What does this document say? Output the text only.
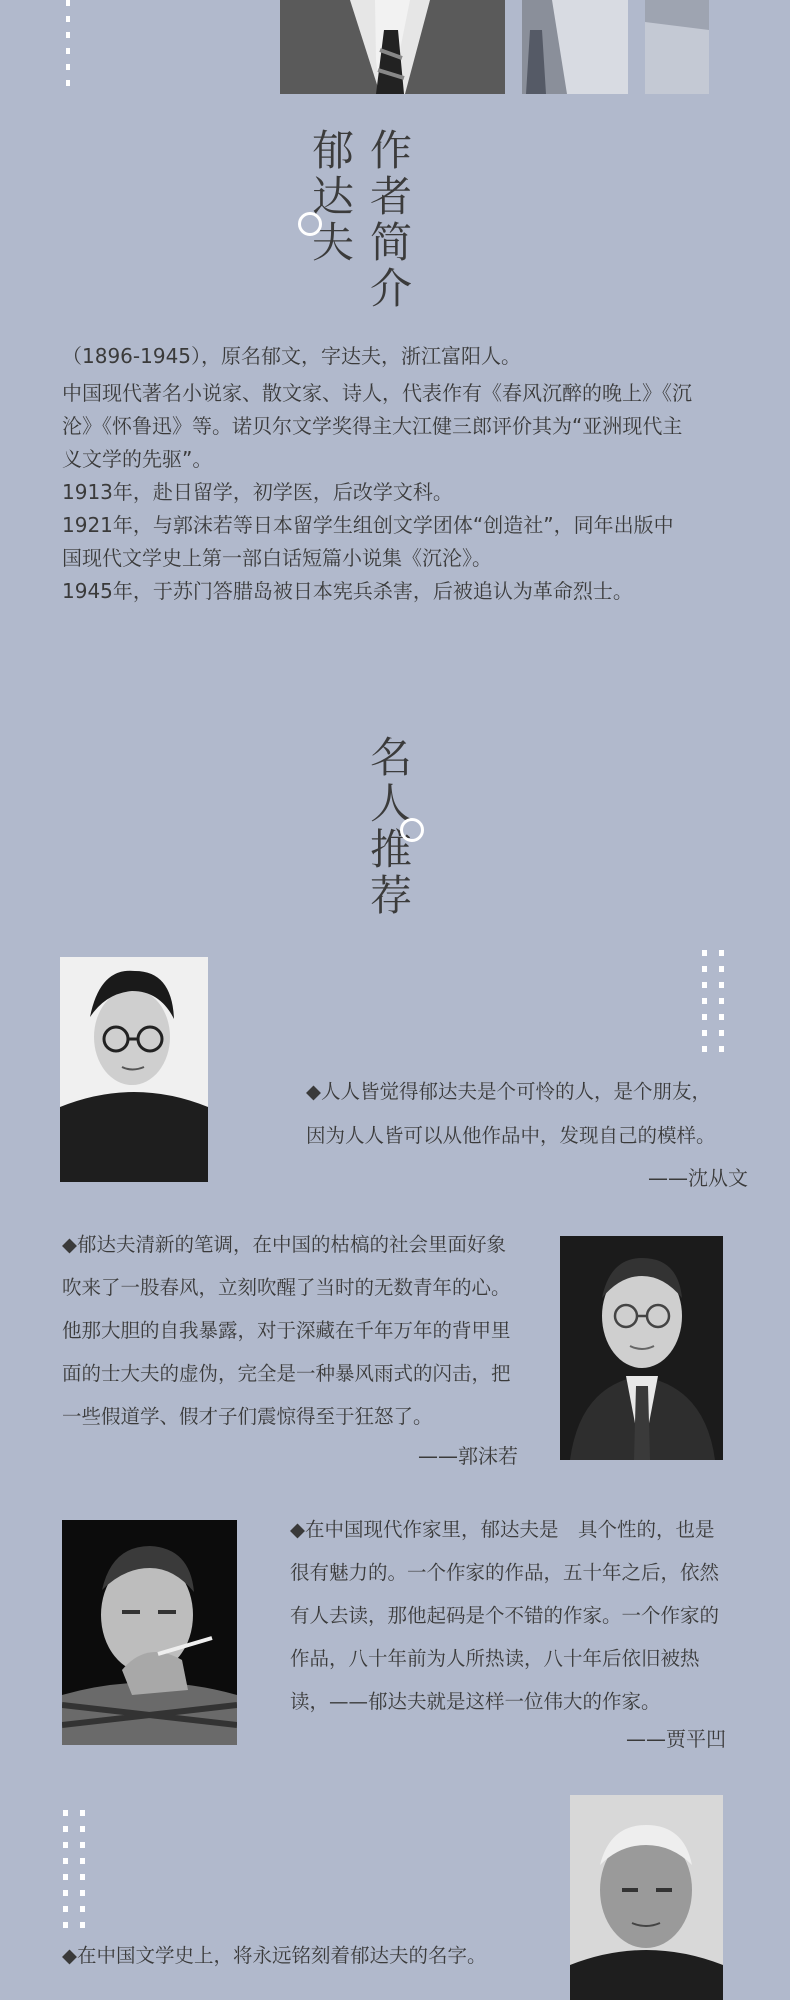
郁
达
夫
作
者
简
介

（1896-1945），原名郁文，字达夫，浙江富阳人。

中国现代著名小说家、散文家、诗人，代表作有《春风沉醉的晚上》《沉

沦》《怀鲁迅》等。诺贝尔文学奖得主大江健三郎评价其为“亚洲现代主

义文学的先驱”。

1913年，赴日留学，初学医，后改学文科。

1921年，与郭沫若等日本留学生组创文学团体“创造社”，同年出版中

国现代文学史上第一部白话短篇小说集《沉沦》。

1945年，于苏门答腊岛被日本宪兵杀害，后被追认为革命烈士。

名
人
推
荐

◆人人皆觉得郁达夫是个可怜的人，是个朋友，

因为人人皆可以从他作品中，发现自己的模样。

——沈从文

◆郁达夫清新的笔调，在中国的枯槁的社会里面好象

吹来了一股春风，立刻吹醒了当时的无数青年的心。

他那大胆的自我暴露，对于深藏在千年万年的背甲里

面的士大夫的虚伪，完全是一种暴风雨式的闪击，把

一些假道学、假才子们震惊得至于狂怒了。

——郭沫若

◆在中国现代作家里，郁达夫是　具个性的，也是

很有魅力的。一个作家的作品，五十年之后，依然

有人去读，那他起码是个不错的作家。一个作家的

作品，八十年前为人所热读，八十年后依旧被热

读，——郁达夫就是这样一位伟大的作家。

——贾平凹

◆在中国文学史上，将永远铭刻着郁达夫的名字。
